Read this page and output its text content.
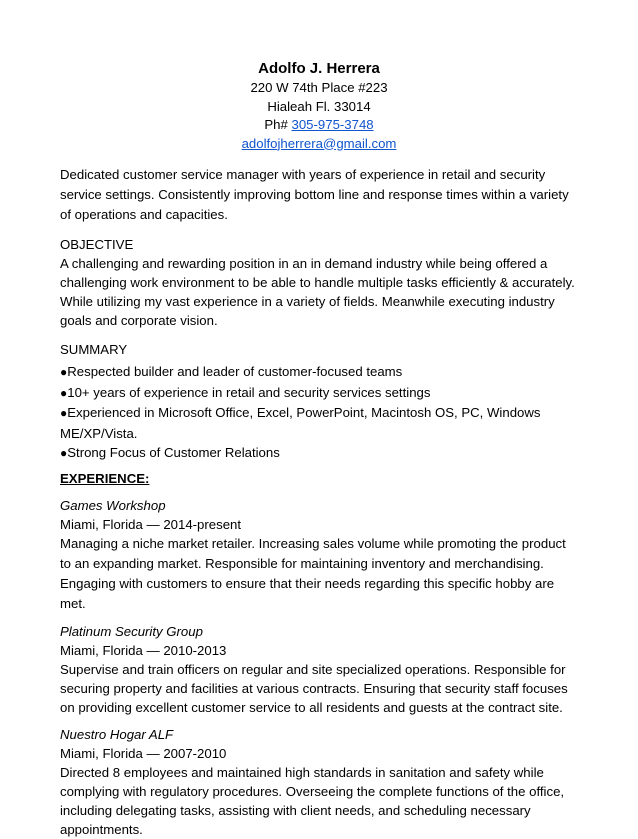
Adolfo J. Herrera
220 W 74th Place #223
Hialeah Fl. 33014
Ph# 305-975-3748
adolfojherrera@gmail.com

Dedicated customer service manager with years of experience in retail and security service settings. Consistently improving bottom line and response times within a variety of operations and capacities.

OBJECTIVE

A challenging and rewarding position in an in demand industry while being offered a challenging work environment to be able to handle multiple tasks efficiently & accurately. While utilizing my vast experience in a variety of fields. Meanwhile executing industry goals and corporate vision.

SUMMARY
●Respected builder and leader of customer-focused teams
●10+ years of experience in retail and security services settings
●Experienced in Microsoft Office, Excel, PowerPoint, Macintosh OS, PC, Windows ME/XP/Vista.
●Strong Focus of Customer Relations
EXPERIENCE:
Games Workshop
Miami, Florida — 2014-present

Managing a niche market retailer. Increasing sales volume while promoting the product to an expanding market. Responsible for maintaining inventory and merchandising. Engaging with customers to ensure that their needs regarding this specific hobby are met.

Platinum Security Group
Miami, Florida — 2010-2013

Supervise and train officers on regular and site specialized operations. Responsible for securing property and facilities at various contracts. Ensuring that security staff focuses on providing excellent customer service to all residents and guests at the contract site.

Nuestro Hogar ALF
Miami, Florida — 2007-2010

Directed 8 employees and maintained high standards in sanitation and safety while complying with regulatory procedures. Overseeing the complete functions of the office, including delegating tasks, assisting with client needs, and scheduling necessary appointments.
